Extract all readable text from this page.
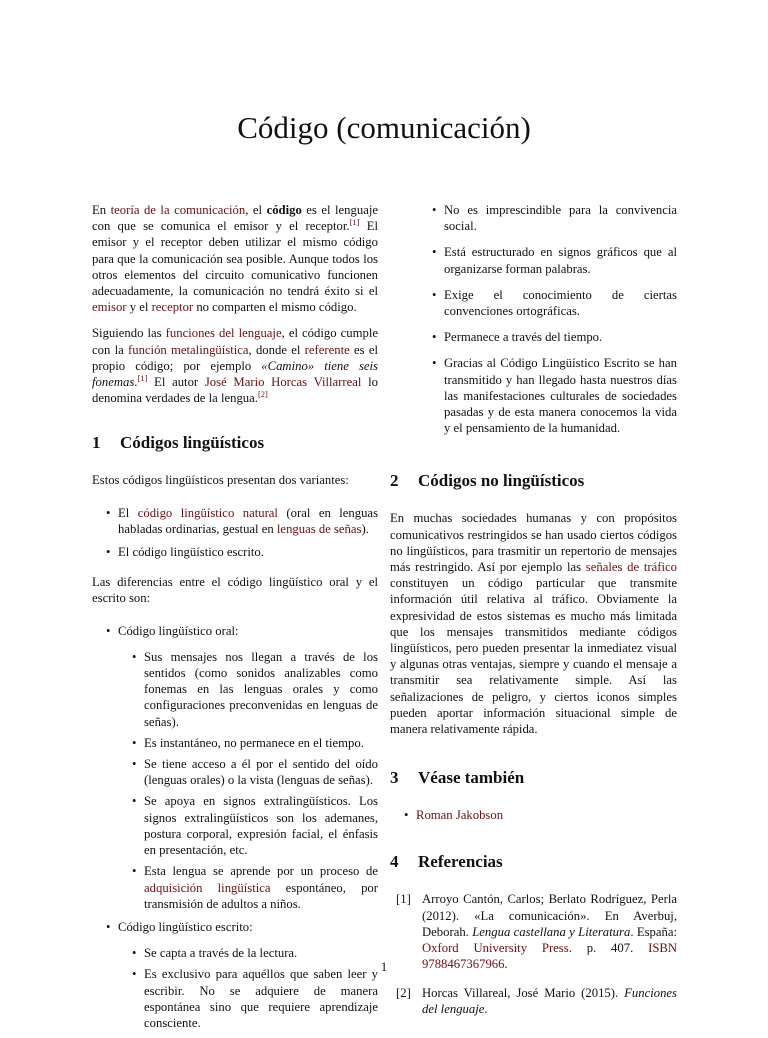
Código (comunicación)

En teoría de la comunicación, el código es el lenguaje con que se comunica el emisor y el receptor.[1] El emisor y el receptor deben utilizar el mismo código para que la comunicación sea posible. Aunque todos los otros elementos del circuito comunicativo funcionen adecuadamente, la comunicación no tendrá éxito si el emisor y el receptor no comparten el mismo código.

Siguiendo las funciones del lenguaje, el código cumple con la función metalingüística, donde el referente es el propio código; por ejemplo «Camino» tiene seis fonemas.[1] El autor José Mario Horcas Villarreal lo denomina verdades de la lengua.[2]

1 Códigos lingüísticos

Estos códigos lingüísticos presentan dos variantes:

• El código lingüístico natural (oral en lenguas habladas ordinarias, gestual en lenguas de señas).
• El código lingüístico escrito.

Las diferencias entre el código lingüístico oral y el escrito son:

• Código lingüístico oral:
• Sus mensajes nos llegan a través de los sentidos (como sonidos analizables como fonemas en las lenguas orales y como configuraciones preconvenidas en lenguas de señas).
• Es instantáneo, no permanece en el tiempo.
• Se tiene acceso a él por el sentido del oído (lenguas orales) o la vista (lenguas de señas).
• Se apoya en signos extralingüísticos. Los signos extralingüísticos son los ademanes, postura corporal, expresión facial, el énfasis en presentación, etc.
• Esta lengua se aprende por un proceso de adquisición lingüística espontáneo, por transmisión de adultos a niños.
• Código lingüístico escrito:
• Se capta a través de la lectura.
• Es exclusivo para aquéllos que saben leer y escribir. No se adquiere de manera espontánea sino que requiere aprendizaje consciente.
• No es imprescindible para la convivencia social.
• Está estructurado en signos gráficos que al organizarse forman palabras.
• Exige el conocimiento de ciertas convenciones ortográficas.
• Permanece a través del tiempo.
• Gracias al Código Lingüístico Escrito se han transmitido y han llegado hasta nuestros días las manifestaciones culturales de sociedades pasadas y de esta manera conocemos la vida y el pensamiento de la humanidad.
2 Códigos no lingüísticos

En muchas sociedades humanas y con propósitos comunicativos restringidos se han usado ciertos códigos no lingüísticos, para trasmitir un repertorio de mensajes más restringido. Así por ejemplo las señales de tráfico constituyen un código particular que transmite información útil relativa al tráfico. Obviamente la expresividad de estos sistemas es mucho más limitada que los mensajes transmitidos mediante códigos lingüísticos, pero pueden presentar la inmediatez visual y algunas otras ventajas, siempre y cuando el mensaje a transmitir sea relativamente simple. Así las señalizaciones de peligro, y ciertos iconos simples pueden aportar información situacional simple de manera relativamente rápida.

3 Véase también
• Roman Jakobson
4 Referencias
[1] Arroyo Cantón, Carlos; Berlato Rodríguez, Perla (2012). «La comunicación». En Averbuj, Deborah. Lengua castellana y Literatura. España: Oxford University Press. p. 407. ISBN 9788467367966.
[2] Horcas Villareal, José Mario (2015). Funciones del lenguaje.
1
